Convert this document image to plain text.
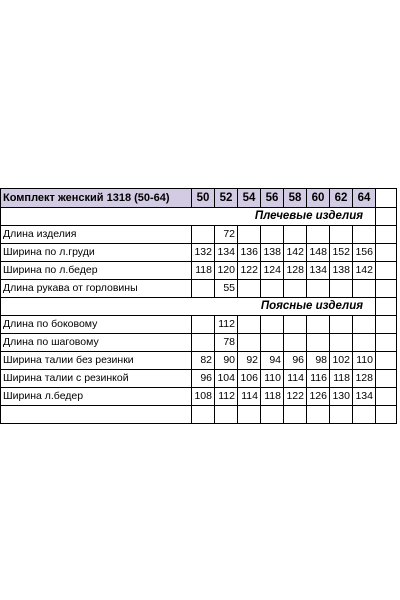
Комплект женский 1318 (50-64)	50	52	54	56	58	60	62	64	
	Плечевые изделия								
Длина изделия		72							
Ширина по л.груди	132	134	136	138	142	148	152	156	
Ширина по л.бедер	118	120	122	124	128	134	138	142	
Длина рукава от горловины		55							
	Поясные изделия								
Длина по боковому		112							
Длина по шаговому		78							
Ширина талии без резинки	82	90	92	94	96	98	102	110	
Ширина талии с резинкой	96	104	106	110	114	116	118	128	
Ширина л.бедер	108	112	114	118	122	126	130	134	
